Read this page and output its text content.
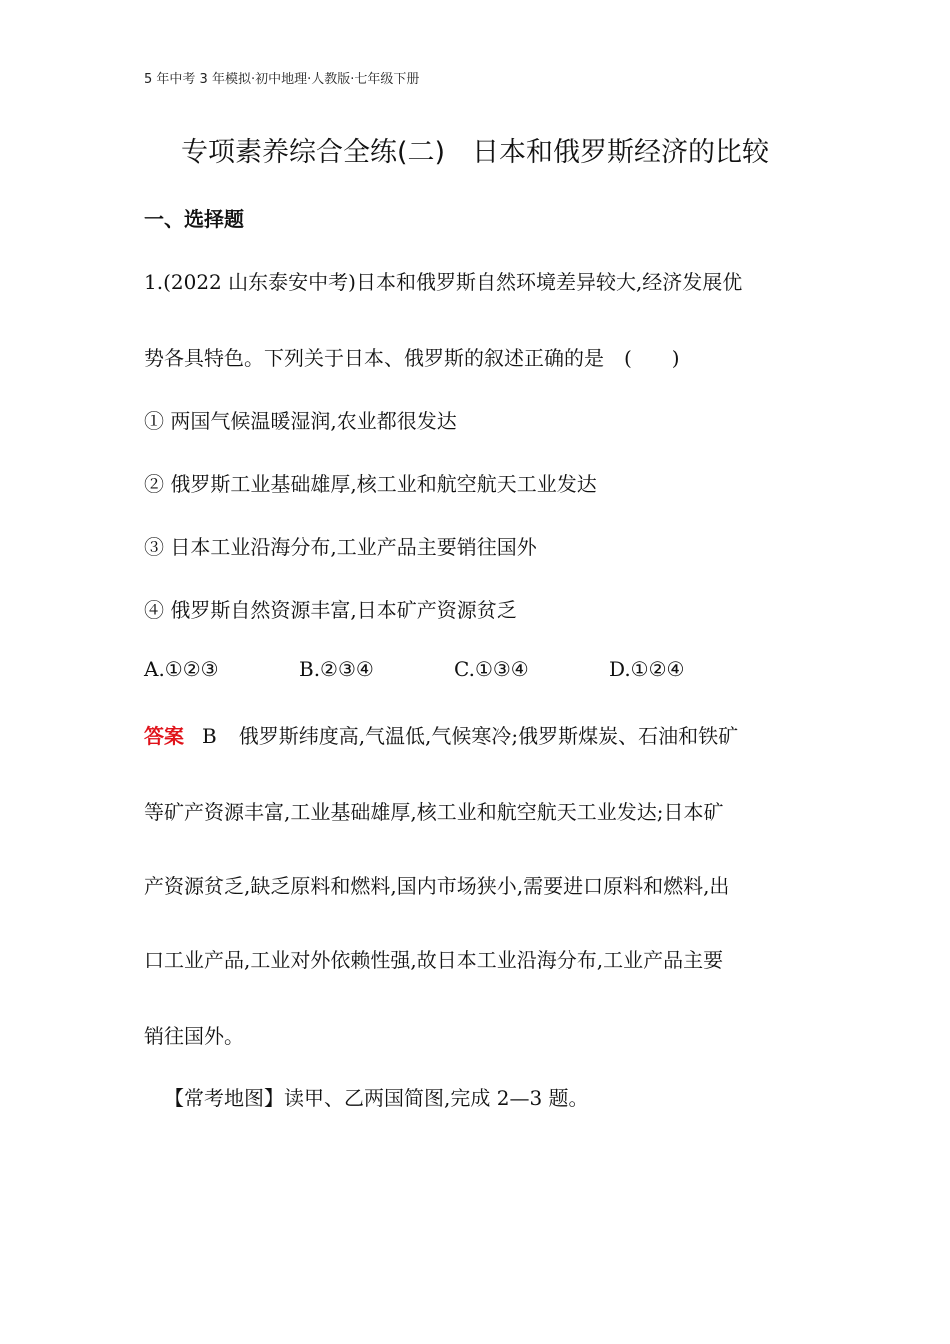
5 年中考 3 年模拟·初中地理·人教版·七年级下册
专项素养综合全练(二)　日本和俄罗斯经济的比较
一、选择题
1.(2022 山东泰安中考)日本和俄罗斯自然环境差异较大,经济发展优
势各具特色。下列关于日本、俄罗斯的叙述正确的是　(　　)
① 两国气候温暖湿润,农业都很发达
② 俄罗斯工业基础雄厚,核工业和航空航天工业发达
③ 日本工业沿海分布,工业产品主要销往国外
④ 俄罗斯自然资源丰富,日本矿产资源贫乏
A.①②③	B.②③④	C.①③④	D.①②④
答案 B 俄罗斯纬度高,气温低,气候寒冷;俄罗斯煤炭、石油和铁矿
等矿产资源丰富,工业基础雄厚,核工业和航空航天工业发达;日本矿
产资源贫乏,缺乏原料和燃料,国内市场狭小,需要进口原料和燃料,出
口工业产品,工业对外依赖性强,故日本工业沿海分布,工业产品主要
销往国外。
【常考地图】读甲、乙两国简图,完成 2—3 题。
